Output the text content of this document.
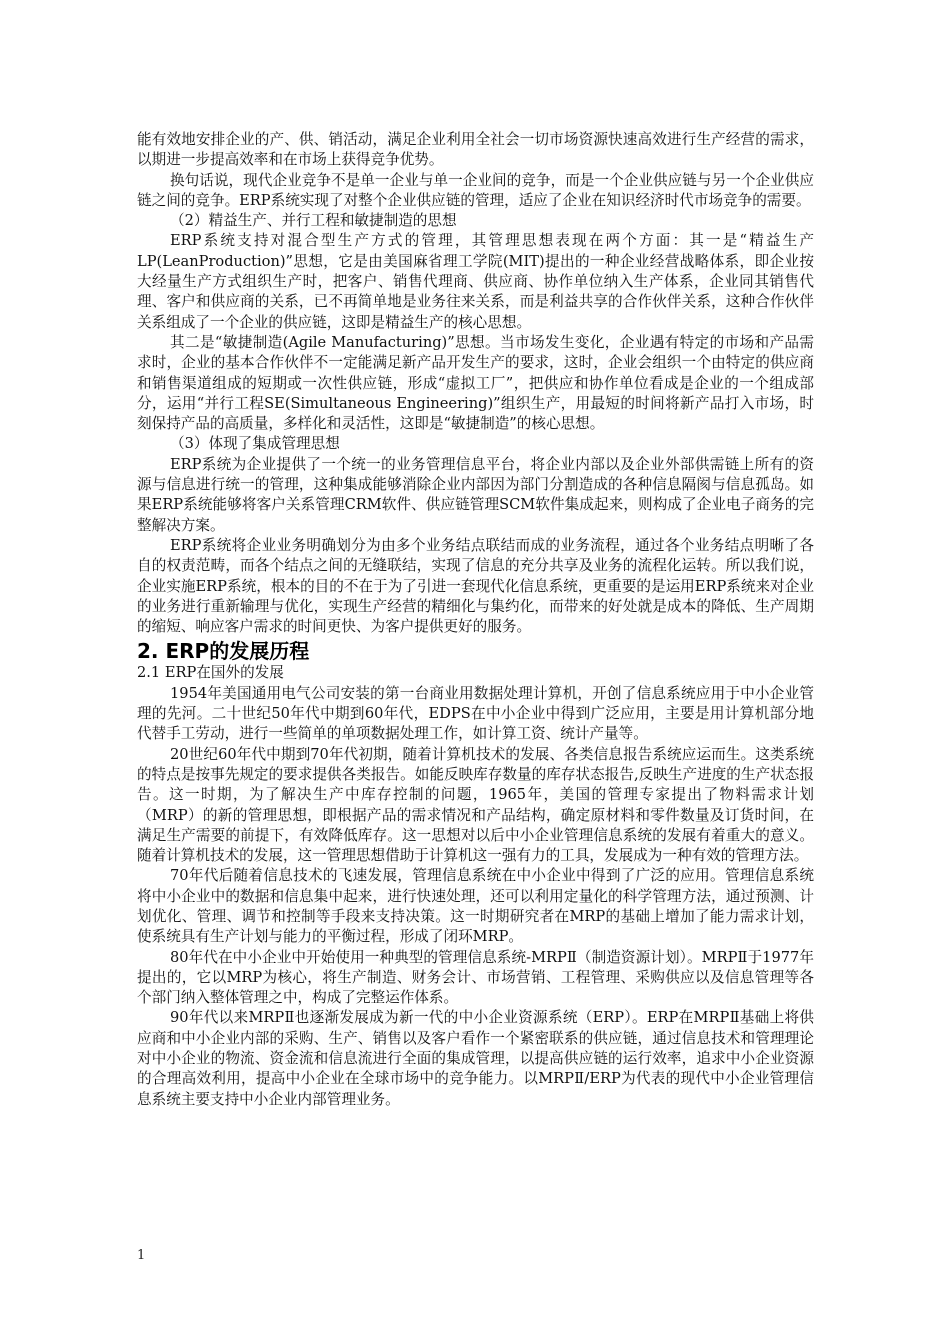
能有效地安排企业的产、供、销活动，满足企业利用全社会一切市场资源快速高效进行生产经营的需求，以期进一步提高效率和在市场上获得竞争优势。

换句话说，现代企业竞争不是单一企业与单一企业间的竞争，而是一个企业供应链与另一个企业供应链之间的竞争。ERP系统实现了对整个企业供应链的管理，适应了企业在知识经济时代市场竞争的需要。

（2）精益生产、并行工程和敏捷制造的思想

ERP系统支持对混合型生产方式的管理，其管理思想表现在两个方面：其一是“精益生产LP(LeanProduction)”思想，它是由美国麻省理工学院(MIT)提出的一种企业经营战略体系，即企业按大经量生产方式组织生产时，把客户、销售代理商、供应商、协作单位纳入生产体系，企业同其销售代理、客户和供应商的关系，已不再简单地是业务往来关系，而是利益共享的合作伙伴关系，这种合作伙伴关系组成了一个企业的供应链，这即是精益生产的核心思想。

其二是“敏捷制造(Agile Manufacturing)”思想。当市场发生变化，企业遇有特定的市场和产品需求时，企业的基本合作伙伴不一定能满足新产品开发生产的要求，这时，企业会组织一个由特定的供应商和销售渠道组成的短期或一次性供应链，形成“虚拟工厂”，把供应和协作单位看成是企业的一个组成部分，运用“并行工程SE(Simultaneous Engineering)”组织生产，用最短的时间将新产品打入市场，时刻保持产品的高质量，多样化和灵活性，这即是“敏捷制造”的核心思想。

（3）体现了集成管理思想

ERP系统为企业提供了一个统一的业务管理信息平台，将企业内部以及企业外部供需链上所有的资源与信息进行统一的管理，这种集成能够消除企业内部因为部门分割造成的各种信息隔阂与信息孤岛。如果ERP系统能够将客户关系管理CRM软件、供应链管理SCM软件集成起来，则构成了企业电子商务的完整解决方案。

ERP系统将企业业务明确划分为由多个业务结点联结而成的业务流程，通过各个业务结点明晰了各自的权责范畴，而各个结点之间的无缝联结，实现了信息的充分共享及业务的流程化运转。所以我们说，企业实施ERP系统，根本的目的不在于为了引进一套现代化信息系统，更重要的是运用ERP系统来对企业的业务进行重新输理与优化，实现生产经营的精细化与集约化，而带来的好处就是成本的降低、生产周期的缩短、响应客户需求的时间更快、为客户提供更好的服务。

2. ERP的发展历程

2.1 ERP在国外的发展

1954年美国通用电气公司安装的第一台商业用数据处理计算机，开创了信息系统应用于中小企业管理的先河。二十世纪50年代中期到60年代，EDPS在中小企业中得到广泛应用，主要是用计算机部分地代替手工劳动，进行一些简单的单项数据处理工作，如计算工资、统计产量等。

20世纪60年代中期到70年代初期，随着计算机技术的发展、各类信息报告系统应运而生。这类系统的特点是按事先规定的要求提供各类报告。如能反映库存数量的库存状态报告,反映生产进度的生产状态报告。这一时期，为了解决生产中库存控制的问题，1965年，美国的管理专家提出了物料需求计划（MRP）的新的管理思想，即根据产品的需求情况和产品结构，确定原材料和零件数量及订货时间，在满足生产需要的前提下，有效降低库存。这一思想对以后中小企业管理信息系统的发展有着重大的意义。随着计算机技术的发展，这一管理思想借助于计算机这一强有力的工具，发展成为一种有效的管理方法。

70年代后随着信息技术的飞速发展，管理信息系统在中小企业中得到了广泛的应用。管理信息系统将中小企业中的数据和信息集中起来，进行快速处理，还可以利用定量化的科学管理方法，通过预测、计划优化、管理、调节和控制等手段来支持决策。这一时期研究者在MRP的基础上增加了能力需求计划，使系统具有生产计划与能力的平衡过程，形成了闭环MRP。

80年代在中小企业中开始使用一种典型的管理信息系统-MRPⅡ（制造资源计划）。MRPⅡ于1977年提出的，它以MRP为核心，将生产制造、财务会计、市场营销、工程管理、采购供应以及信息管理等各个部门纳入整体管理之中，构成了完整运作体系。

90年代以来MRPⅡ也逐渐发展成为新一代的中小企业资源系统（ERP）。ERP在MRPⅡ基础上将供应商和中小企业内部的采购、生产、销售以及客户看作一个紧密联系的供应链，通过信息技术和管理理论对中小企业的物流、资金流和信息流进行全面的集成管理，以提高供应链的运行效率，追求中小企业资源的合理高效利用，提高中小企业在全球市场中的竞争能力。以MRPⅡ/ERP为代表的现代中小企业管理信息系统主要支持中小企业内部管理业务。

1
